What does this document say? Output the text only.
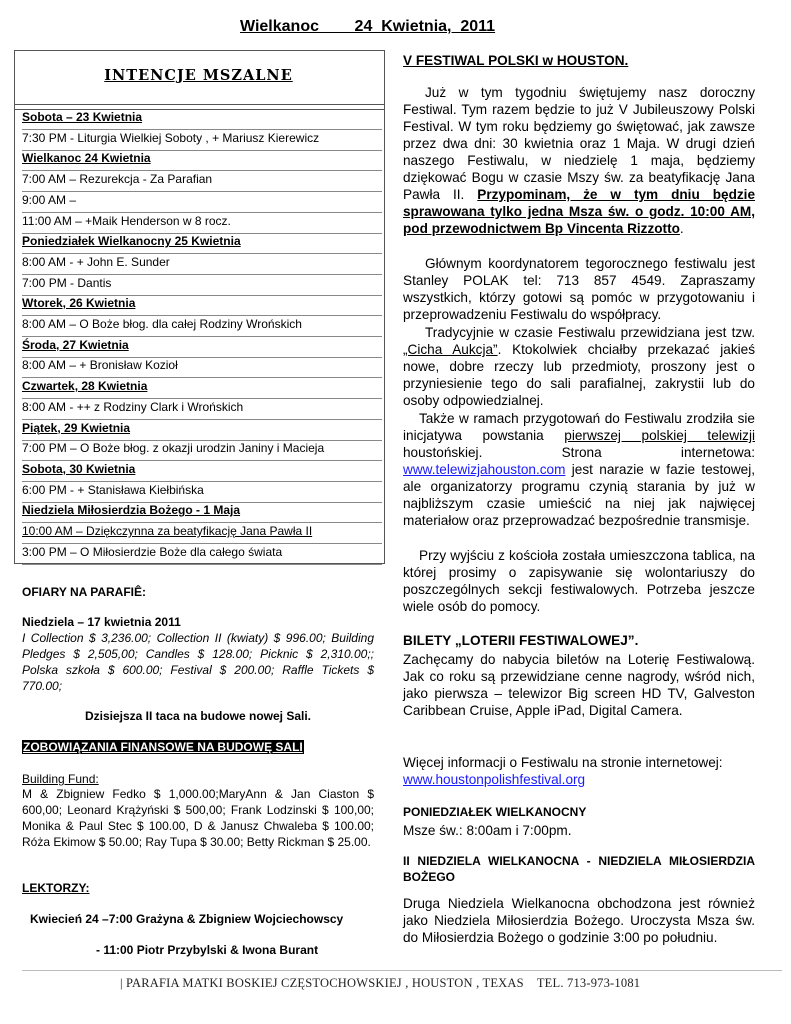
Wielkanoc        24  Kwietnia,  2011
INTENCJE MSZALNE
Sobota – 23 Kwietnia
7:30 PM - Liturgia Wielkiej Soboty , + Mariusz Kierewicz
Wielkanoc 24 Kwietnia
7:00 AM – Rezurekcja - Za Parafian
9:00 AM –
11:00 AM – +Maik Henderson w 8 rocz.
Poniedziałek Wielkanocny 25 Kwietnia
8:00 AM - + John E. Sunder
7:00 PM - Dantis
Wtorek, 26 Kwietnia
8:00 AM – O Boże błog. dla całej Rodziny Wrońskich
Środa, 27 Kwietnia
8:00 AM – + Bronisław Kozioł
Czwartek, 28 Kwietnia
8:00 AM - ++ z Rodziny Clark i Wrońskich
Piątek, 29 Kwietnia
7:00 PM – O Boże błog. z okazji urodzin Janiny i Macieja
Sobota, 30 Kwietnia
6:00 PM - + Stanisława Kiełbińska
Niedziela Miłosierdzia Bożego - 1 Maja
10:00 AM – Dziękczynna za beatyfikację Jana Pawła II
3:00 PM – O Miłosierdzie Boże dla całego świata
OFIARY NA PARAFIÊ:
Niedziela – 17 kwietnia 2011
I Collection $ 3,236.00; Collection II (kwiaty) $ 996.00; Building Pledges $ 2,505,00; Candles $ 128.00; Picknic $ 2,310.00;; Polska szkoła $ 600.00; Festival $ 200.00; Raffle Tickets $ 770.00;
Dzisiejsza II taca na budowe nowej Sali.
ZOBOWIĄZANIA FINANSOWE NA BUDOWĘ SALI
Building Fund:
M & Zbigniew Fedko $ 1,000.00;MaryAnn & Jan Ciaston $ 600,00; Leonard Krążyński $ 500,00; Frank Lodzinski $ 100,00; Monika & Paul Stec $ 100.00, D & Janusz Chwaleba $ 100.00; Róża Ekimow $ 50.00; Ray Tupa $ 30.00; Betty Rickman $ 25.00.
LEKTORZY:
Kwiecień 24 –7:00 Grażyna & Zbigniew Wojciechowscy
- 11:00 Piotr Przybylski & Iwona Burant
V FESTIWAL POLSKI w HOUSTON.
Już w tym tygodniu świętujemy nasz doroczny Festiwal. Tym razem będzie to już V Jubileuszowy Polski Festival. W tym roku będziemy go świętować, jak zawsze przez dwa dni: 30 kwietnia oraz 1 Maja. W drugi dzień naszego Festiwalu, w niedzielę 1 maja, będziemy dziękować Bogu w czasie Mszy św. za beatyfikację Jana Pawła II. Przypominam, że w tym dniu będzie sprawowana tylko jedna Msza św. o godz. 10:00 AM, pod przewodnictwem Bp Vincenta Rizzotto.
Głównym koordynatorem tegorocznego festiwalu jest Stanley POLAK tel: 713 857 4549. Zapraszamy wszystkich, którzy gotowi są pomóc w przygotowaniu i przeprowadzeniu Festiwalu do współpracy.
Tradycyjnie w czasie Festiwalu przewidziana jest tzw. „Cicha Aukcja”. Ktokolwiek chciałby przekazać jakieś nowe, dobre rzeczy lub przedmioty, proszony jest o przyniesienie tego do sali parafialnej, zakrystii lub do osoby odpowiedzialnej.
Także w ramach przygotowań do Festiwalu zrodziła sie inicjatywa powstania pierwszej polskiej telewizji houstońskiej. Strona internetowa: www.telewizjahouston.com jest narazie w fazie testowej, ale organizatorzy programu czynią starania by już w najbliższym czasie umieścić na niej jak najwięcej materiałow oraz przeprowadzać bezpośrednie transmisje.
Przy wyjściu z kościoła została umieszczona tablica, na której prosimy o zapisywanie się wolontariuszy do poszczególnych sekcji festiwalowych. Potrzeba jeszcze wiele osób do pomocy.
BILETY „LOTERII FESTIWALOWEJ”.
Zachęcamy do nabycia biletów na Loterię Festiwalową. Jak co roku są przewidziane cenne nagrody, wśród nich, jako pierwsza – telewizor Big screen HD TV, Galveston Caribbean Cruise, Apple iPad, Digital Camera.
Więcej informacji o Festiwalu na stronie internetowej:
www.houstonpolishfestival.org
PONIEDZIAŁEK WIELKANOCNY
Msze św.: 8:00am i 7:00pm.
II NIEDZIELA WIELKANOCNA - NIEDZIELA MIŁOSIERDZIA BOŻEGO
Druga Niedziela Wielkanocna obchodzona jest również jako Niedziela Miłosierdzia Bożego. Uroczysta Msza św. do Miłosierdzia Bożego o godzinie 3:00 po południu.
| PARAFIA MATKI BOSKIEJ CZĘSTOCHOWSKIEJ , HOUSTON , TEXAS    TEL. 713-973-1081
